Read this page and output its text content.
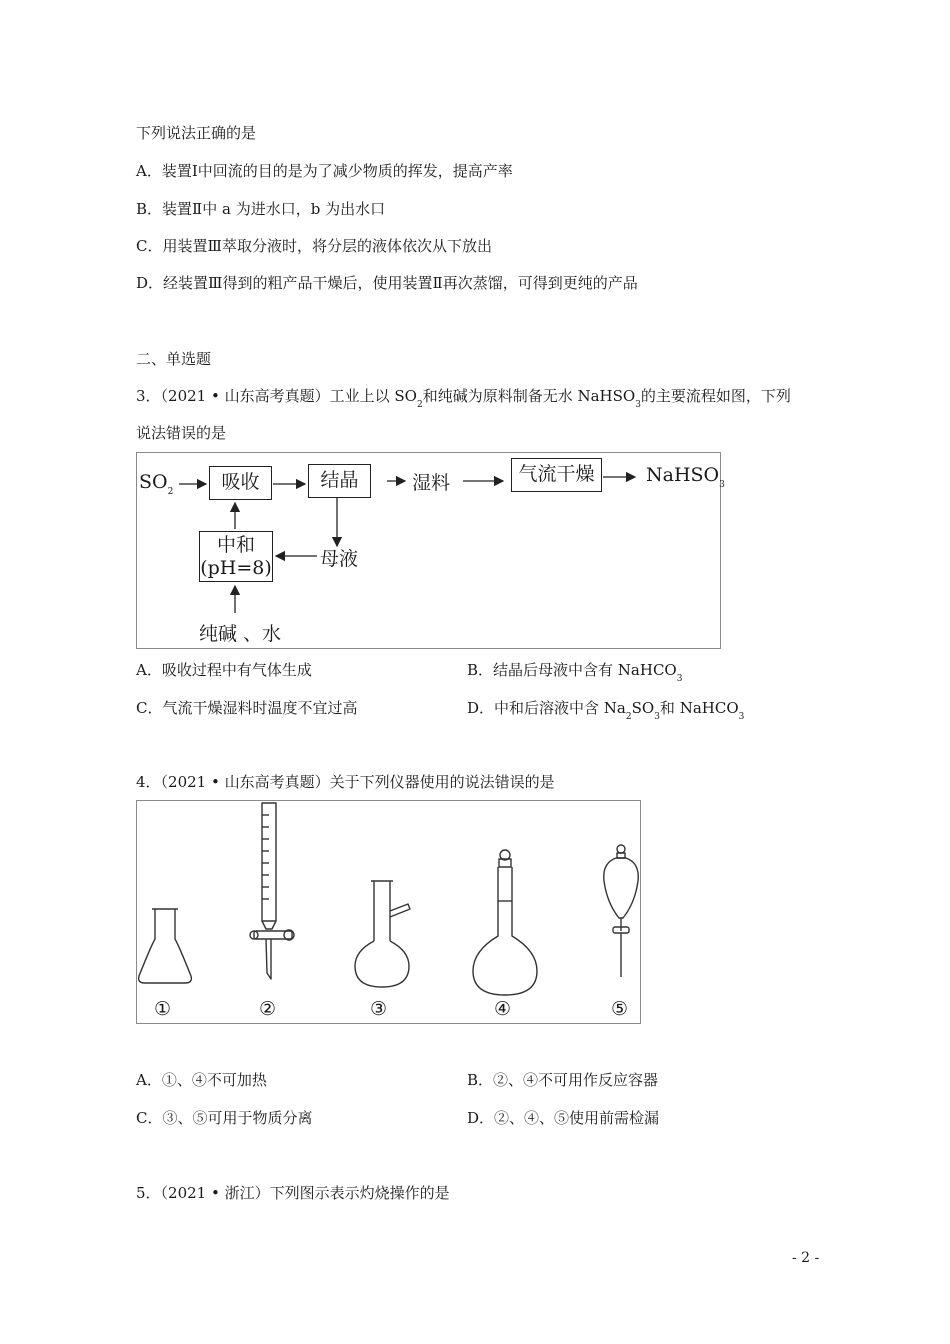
下列说法正确的是
A．装置Ⅰ中回流的目的是为了减少物质的挥发，提高产率
B．装置Ⅱ中 a 为进水口，b 为出水口
C．用装置Ⅲ萃取分液时，将分层的液体依次从下放出
D．经装置Ⅲ得到的粗产品干燥后，使用装置Ⅱ再次蒸馏，可得到更纯的产品
二、单选题
3．（2021 • 山东高考真题）工业上以 $SO_2$和纯碱为原料制备无水 NaHSO$_3$的主要流程如图，下列
说法错误的是
$SO_2$	吸收	结晶	湿料	气流干燥	NaHSO$_3$
中和
(pH=8)	母液
纯碱 、水
A．吸收过程中有气体生成	B．结晶后母液中含有 NaHCO$_3$
C．气流干燥湿料时温度不宜过高	D．中和后溶液中含 $Na_2SO_3$和 NaHCO$_3$
4．（2021 • 山东高考真题）关于下列仪器使用的说法错误的是
①	②	③	④	⑤
A．①、④不可加热	B．②、④不可用作反应容器
C．③、⑤可用于物质分离	D．②、④、⑤使用前需检漏
5．（2021 • 浙江）下列图示表示灼烧操作的是
- 2 -
